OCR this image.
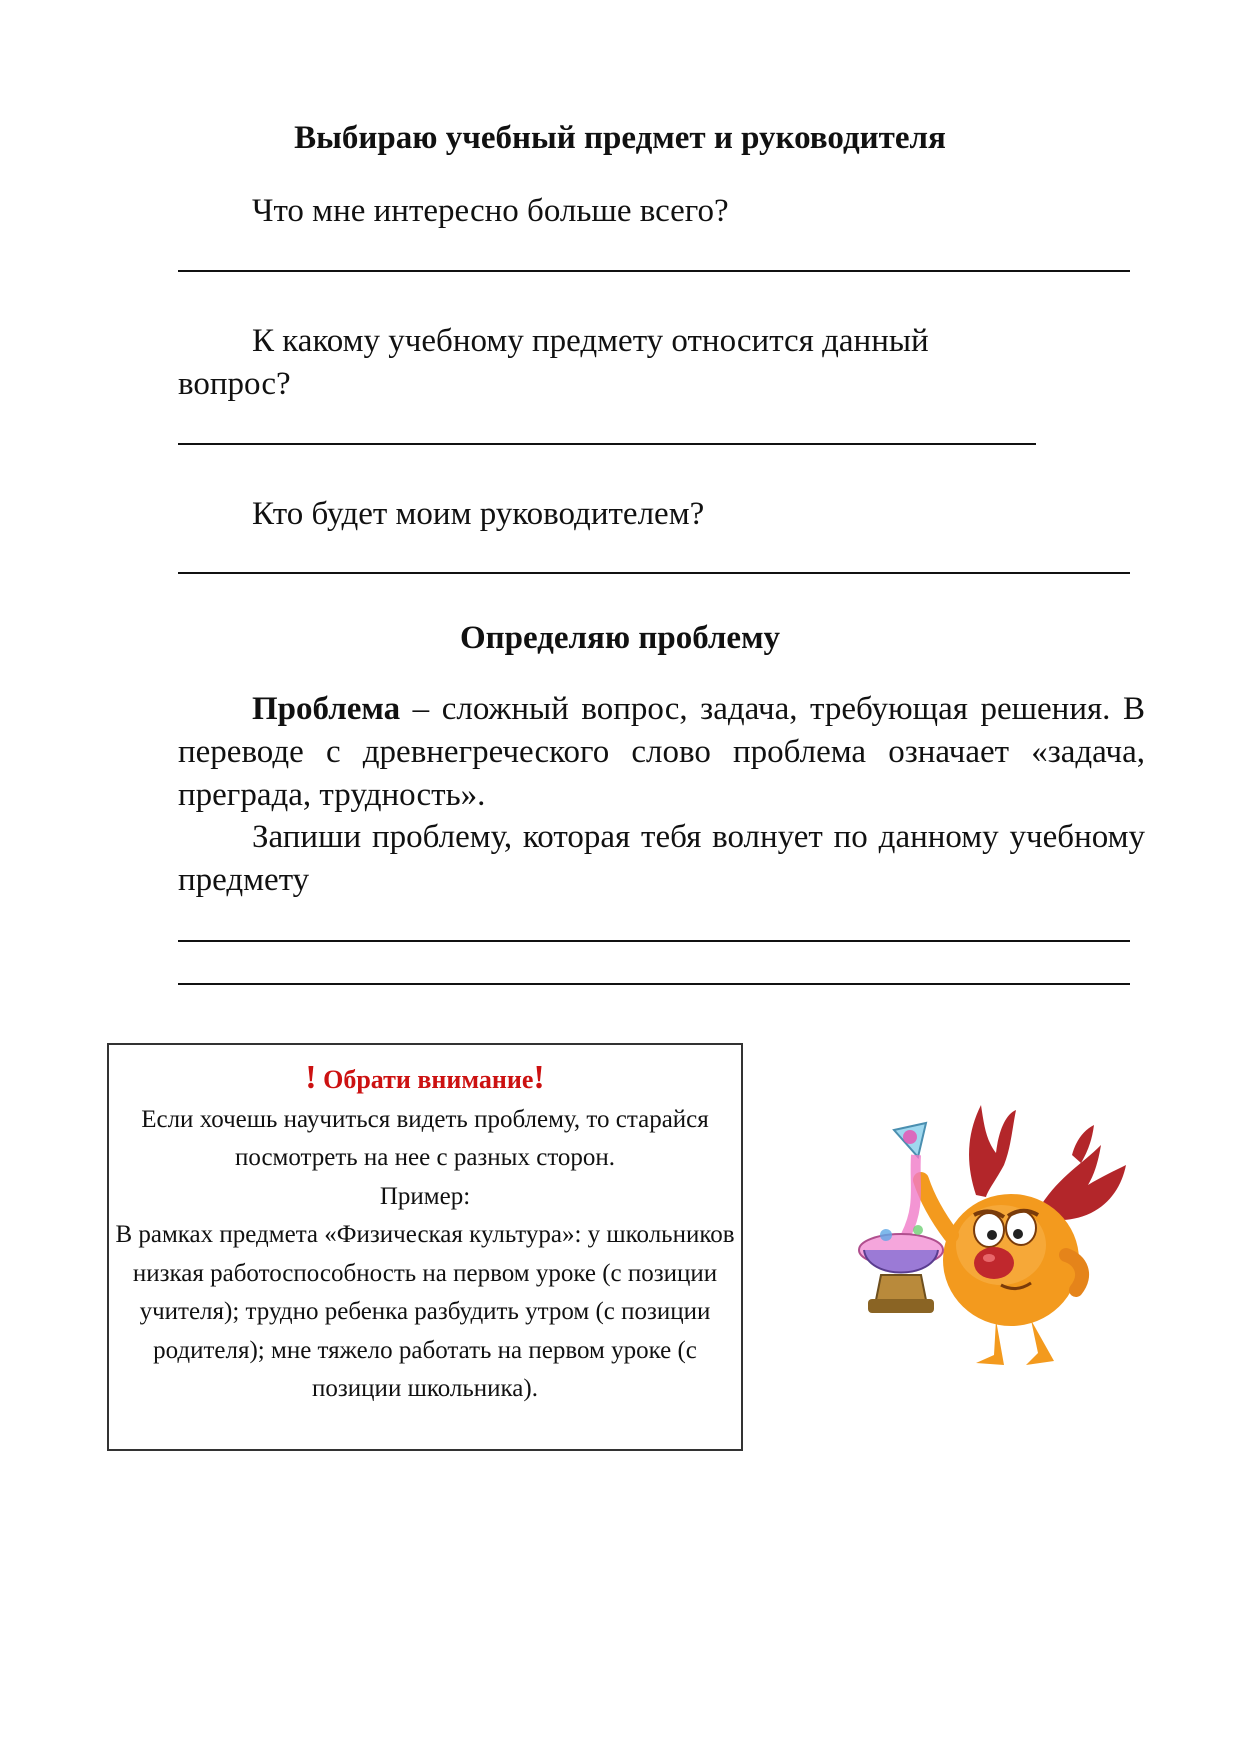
Выбираю учебный предмет и руководителя

Что мне интересно больше всего?

К какому учебному предмету относится данный вопрос?

Кто будет моим руководителем?

Определяю проблему

Проблема – сложный вопрос, задача, требующая решения. В переводе с древнегреческого слово проблема означает «задача, преграда, трудность».

Запиши проблему, которая тебя волнует по данному учебному предмету

! Обрати внимание!

Если хочешь научиться видеть проблему, то старайся посмотреть на нее с разных сторон.

Пример:

В рамках предмета «Физическая культура»: у школьников низкая работоспособность на первом уроке (с позиции учителя); трудно ребенка разбудить утром (с позиции родителя); мне тяжело работать на первом уроке (с позиции школьника).
